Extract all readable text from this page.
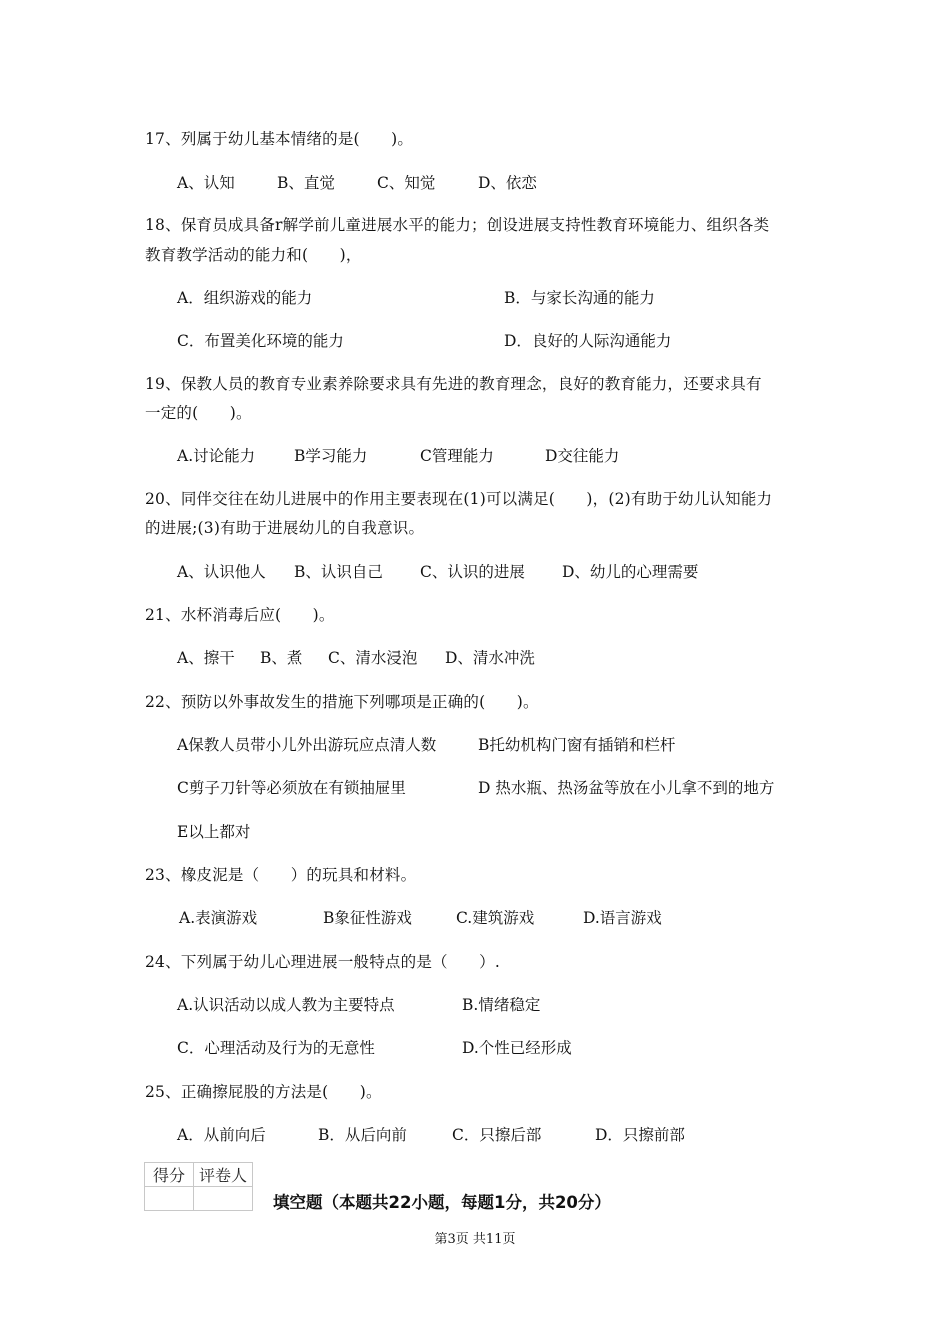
17、列属于幼儿基本情绪的是(　　)。
A、认知	B、直觉	C、知觉	D、依恋
18、保育员成具备r解学前儿童进展水平的能力；创设进展支持性教育环境能力、组织各类
教育教学活动的能力和(　　)，
A．组织游戏的能力	B．与家长沟通的能力
C．布置美化环境的能力	D．良好的人际沟通能力
19、保教人员的教育专业素养除要求具有先进的教育理念，良好的教育能力，还要求具有
一定的(　　)。
A.讨论能力	B学习能力	C管理能力	D交往能力
20、同伴交往在幼儿进展中的作用主要表现在(1)可以满足(　　)，(2)有助于幼儿认知能力
的进展;(3)有助于进展幼儿的自我意识。
A、认识他人 B、认识自己 C、认识的进展 D、幼儿的心理需要
21、水杯消毒后应(　　)。
A、擦干 B、煮 C、清水浸泡 D、清水冲洗
22、预防以外事故发生的措施下列哪项是正确的(　　)。
A保教人员带小儿外出游玩应点清人数	B托幼机构门窗有插销和栏杆
C剪子刀针等必须放在有锁抽屉里	D 热水瓶、热汤盆等放在小儿拿不到的地方
E以上都对
23、橡皮泥是（　　）的玩具和材料。
A.表演游戏	B象征性游戏	C.建筑游戏	D.语言游戏
24、下列属于幼儿心理进展一般特点的是（　　）.
A.认识活动以成人教为主要特点	B.情绪稳定
C．心理活动及行为的无意性	D.个性已经形成
25、正确擦屁股的方法是(　　)。
A．从前向后	B．从后向前	C．只擦后部	D．只擦前部
得分	评卷人

填空题（本题共22小题，每题1分，共20分）
第3页 共11页
